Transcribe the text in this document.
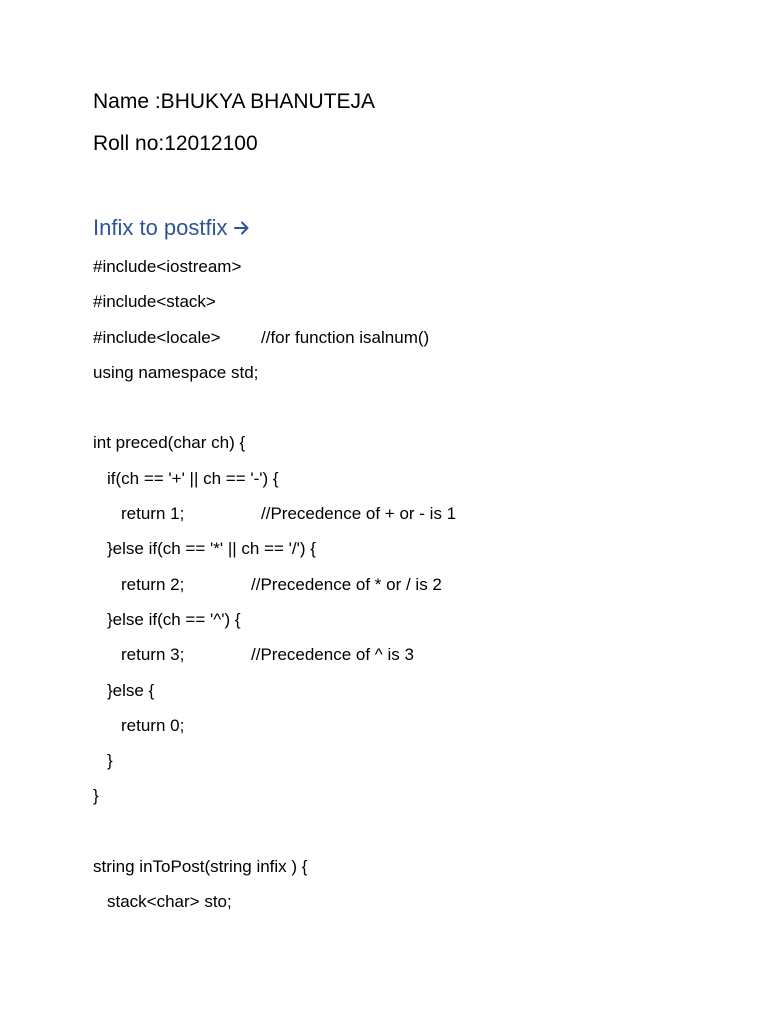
Name :BHUKYA BHANUTEJA
Roll no:12012100
Infix to postfix
#include<iostream>
#include<stack>
#include<locale> //for function isalnum()
using namespace std;
int preced(char ch) {
if(ch == '+' || ch == '-') {
return 1;	//Precedence of + or - is 1
}else if(ch == '*' || ch == '/') {
return 2;	//Precedence of * or / is 2
}else if(ch == '^') {
return 3;	//Precedence of ^ is 3
}else {
return 0;
}
}
string inToPost(string infix ) {
stack<char> sto;
